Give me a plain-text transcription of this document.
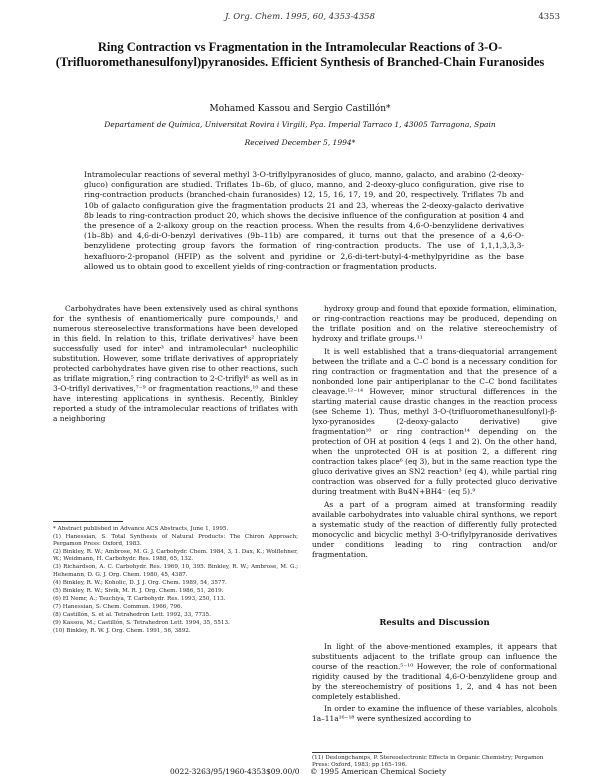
J. Org. Chem. 1995, 60, 4353-4358	4353
Ring Contraction vs Fragmentation in the Intramolecular Reactions of 3-O-(Trifluoromethanesulfonyl)pyranosides. Efficient Synthesis of Branched-Chain Furanosides
Mohamed Kassou and Sergio Castillón*
Departament de Química, Universitat Rovira i Virgili, Pça. Imperial Tarraco 1, 43005 Tarragona, Spain
Received December 5, 1994*
Intramolecular reactions of several methyl 3-O-triflylpyranosides of gluco, manno, galacto, and arabino (2-deoxy-gluco) configuration are studied. Triflates 1b–6b, of gluco, manno, and 2-deoxy-gluco configuration, give rise to ring-contraction products (branched-chain furanosides) 12, 15, 16, 17, 19, and 20, respectively. Triflates 7b and 10b of galacto configuration give the fragmentation products 21 and 23, whereas the 2-deoxy-galacto derivative 8b leads to ring-contraction product 20, which shows the decisive influence of the configuration at position 4 and the presence of a 2-alkoxy group on the reaction process. When the results from 4,6-O-benzylidene derivatives (1b–8b) and 4,6-di-O-benzyl derivatives (9b–11b) are compared, it turns out that the presence of a 4,6-O-benzylidene protecting group favors the formation of ring-contraction products. The use of 1,1,1,3,3,3-hexafluoro-2-propanol (HFIP) as the solvent and pyridine or 2,6-di-tert-butyl-4-methylpyridine as the base allowed us to obtain good to excellent yields of ring-contraction or fragmentation products.

Carbohydrates have been extensively used as chiral synthons for the synthesis of enantiomerically pure compounds,¹ and numerous stereoselective transformations have been developed in this field. In relation to this, triflate derivatives² have been successfully used for inter³ and intramolecular⁴ nucleophilic substitution. However, some triflate derivatives of appropriately protected carbohydrates have given rise to other reactions, such as triflate migration,⁵ ring contraction to 2-C-triflyl⁶ as well as in 3-O-triflyl derivatives,⁷⁻⁹ or fragmentation reactions,¹⁰ and these have interesting applications in synthesis. Recently, Binkley reported a study of the intramolecular reactions of triflates with a neighboring

* Abstract published in Advance ACS Abstracts, June 1, 1995.
(1) Hanessian, S. Total Synthesis of Natural Products: The Chiron Approach; Pergamon Press: Oxford, 1983.
(2) Binkley, R. W.; Ambrose, M. G. J. Carbohydr. Chem. 1984, 3, 1. Dax, K.; Wolflehner, W.; Weidmann, H. Carbohydr. Res. 1988, 65, 132.
(3) Richardson, A. C. Carbohydr. Res. 1969, 10, 395. Binkley, R. W.; Ambrose, M. G.; Hehemann, D. G. J. Org. Chem. 1980, 45, 4387.
(4) Binkley, R. W.; Koholic, D. J. J. Org. Chem. 1989, 54, 3577.
(5) Binkley, R. W.; Sivik, M. R. J. Org. Chem. 1986, 51, 2619.
(6) El Nemr, A.; Tsuchiya, T. Carbohydr. Res. 1993, 250, 113.
(7) Hanessian, S. Chem. Commun. 1966, 796.
(8) Castillón, S. et al. Tetrahedron Lett. 1992, 33, 7735.
(9) Kassou, M.; Castillón, S. Tetrahedron Lett. 1994, 35, 5513.
(10) Binkley, R. W. J. Org. Chem. 1991, 56, 3892.

hydroxy group and found that epoxide formation, elimination, or ring-contraction reactions may be produced, depending on the triflate position and on the relative stereochemistry of hydroxy and triflate groups.¹¹

It is well established that a trans-diequatorial arrangement between the triflate and a C–C bond is a necessary condition for ring contraction or fragmentation and that the presence of a nonbonded lone pair antiperiplanar to the C–C bond facilitates cleavage.¹²⁻¹⁴ However, minor structural differences in the starting material cause drastic changes in the reaction process (see Scheme 1). Thus, methyl 3-O-(trifluoromethanesulfonyl)-β-lyxo-pyranosides (2-deoxy-galacto derivative) give fragmentation¹⁰ or ring contraction¹⁴ depending on the protection of OH at position 4 (eqs 1 and 2). On the other hand, when the unprotected OH is at position 2, a different ring contraction takes place⁶ (eq 3), but in the same reaction type the gluco derivative gives an SN2 reaction³ (eq 4), while partial ring contraction was observed for a fully protected gluco derivative during treatment with Bu4N+BH4⁻ (eq 5).⁹

As a part of a program aimed at transforming readily available carbohydrates into valuable chiral synthons, we report a systematic study of the reaction of differently fully protected monocyclic and bicyclic methyl 3-O-triflylpyranoside derivatives under conditions leading to ring contraction and/or fragmentation.

Results and Discussion

In light of the above-mentioned examples, it appears that substituents adjacent to the triflate group can influence the course of the reaction.⁵⁻¹⁰ However, the role of conformational rigidity caused by the traditional 4,6-O-benzylidene group and by the stereochemistry of positions 1, 2, and 4 has not been completely established.

In order to examine the influence of these variables, alcohols 1a–11a¹⁶⁻¹⁸ were synthesized according to

(11) Deslongchamps, P. Stereoelectronic Effects in Organic Chemistry; Pergamon Press: Oxford, 1983; pp 165–196.
0022-3263/95/1960-4353$09.00/0 © 1995 American Chemical Society
